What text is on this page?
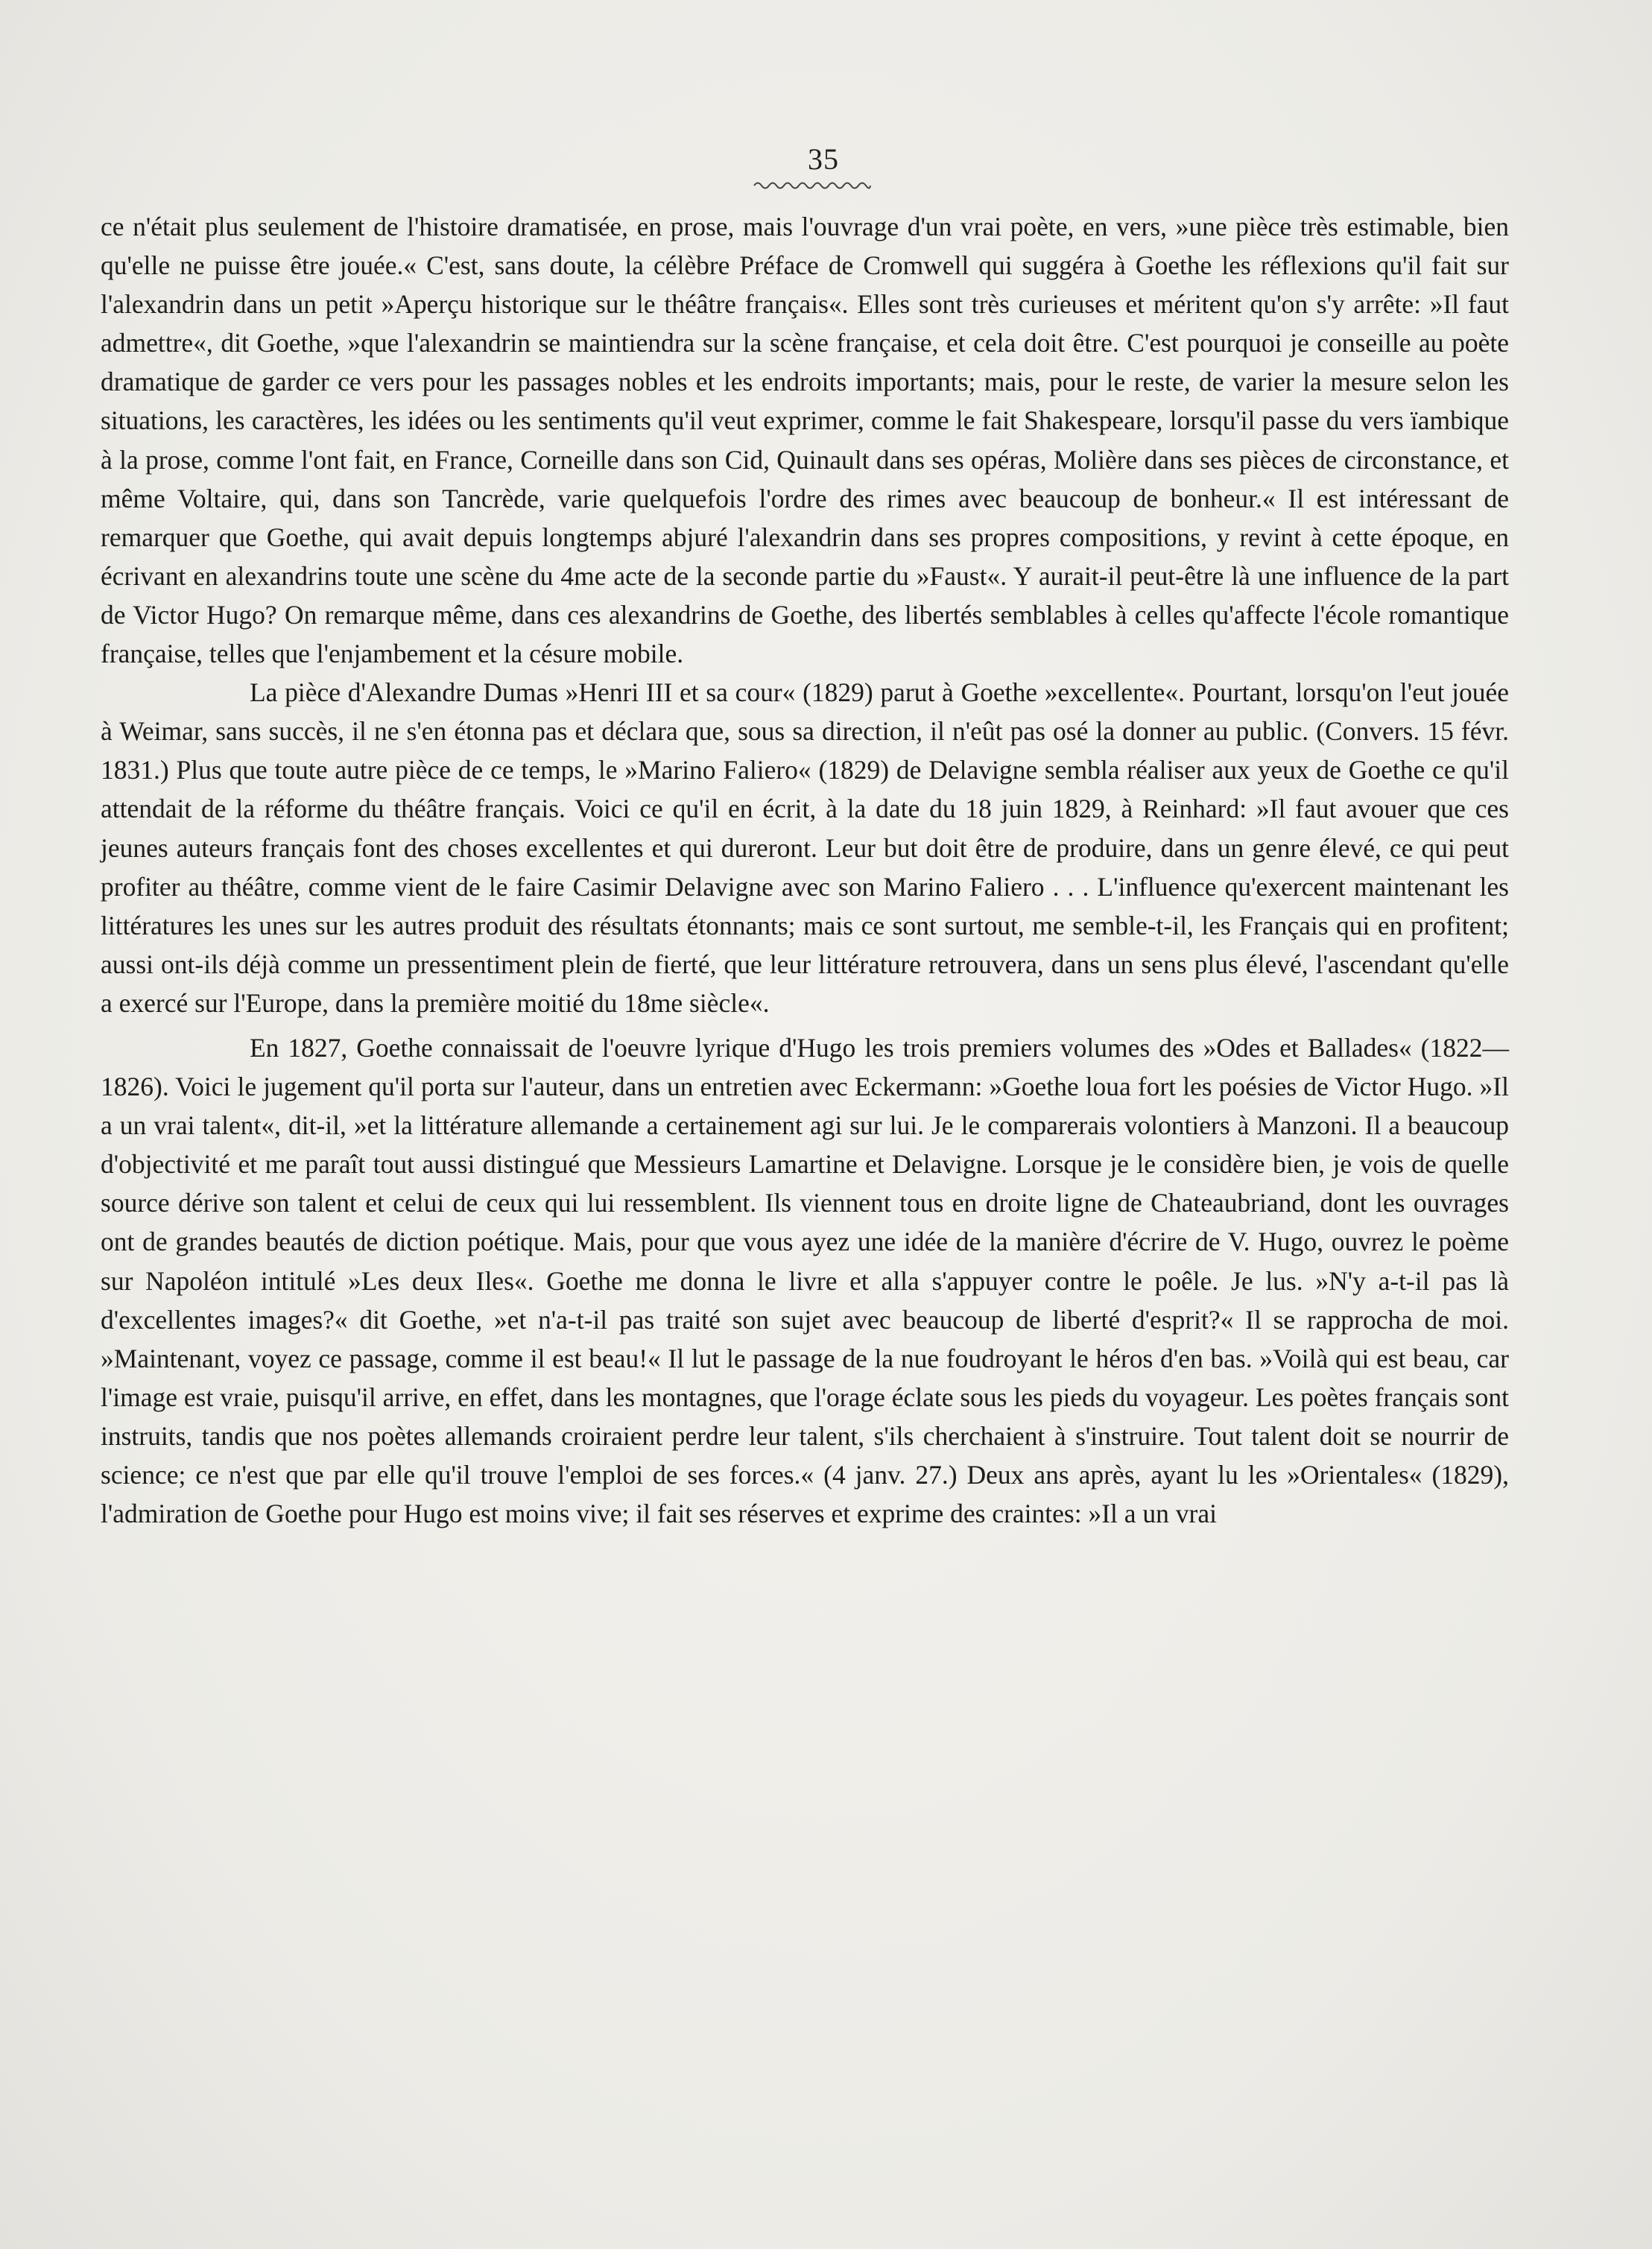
35

ce n'était plus seulement de l'histoire dramatisée, en prose, mais l'ouvrage d'un vrai poète, en vers, »une pièce très estimable, bien qu'elle ne puisse être jouée.« C'est, sans doute, la célèbre Préface de Cromwell qui suggéra à Goethe les réflexions qu'il fait sur l'alexandrin dans un petit »Aperçu historique sur le théâtre français«. Elles sont très curieuses et méritent qu'on s'y arrête: »Il faut admettre«, dit Goethe, »que l'alexandrin se maintiendra sur la scène française, et cela doit être. C'est pourquoi je conseille au poète dramatique de garder ce vers pour les passages nobles et les endroits importants; mais, pour le reste, de varier la mesure selon les situations, les caractères, les idées ou les sentiments qu'il veut exprimer, comme le fait Shakespeare, lorsqu'il passe du vers ïambique à la prose, comme l'ont fait, en France, Corneille dans son Cid, Quinault dans ses opéras, Molière dans ses pièces de circonstance, et même Voltaire, qui, dans son Tancrède, varie quelquefois l'ordre des rimes avec beaucoup de bonheur.« Il est intéressant de remarquer que Goethe, qui avait depuis longtemps abjuré l'alexandrin dans ses propres compositions, y revint à cette époque, en écrivant en alexandrins toute une scène du 4me acte de la seconde partie du »Faust«. Y aurait-il peut-être là une influence de la part de Victor Hugo? On remarque même, dans ces alexandrins de Goethe, des libertés semblables à celles qu'affecte l'école romantique française, telles que l'enjambement et la césure mobile.

La pièce d'Alexandre Dumas »Henri III et sa cour« (1829) parut à Goethe »excellente«. Pourtant, lorsqu'on l'eut jouée à Weimar, sans succès, il ne s'en étonna pas et déclara que, sous sa direction, il n'eût pas osé la donner au public. (Convers. 15 févr. 1831.) Plus que toute autre pièce de ce temps, le »Marino Faliero« (1829) de Delavigne sembla réaliser aux yeux de Goethe ce qu'il attendait de la réforme du théâtre français. Voici ce qu'il en écrit, à la date du 18 juin 1829, à Reinhard: »Il faut avouer que ces jeunes auteurs français font des choses excellentes et qui dureront. Leur but doit être de produire, dans un genre élevé, ce qui peut profiter au théâtre, comme vient de le faire Casimir Delavigne avec son Marino Faliero . . . L'influence qu'exercent maintenant les littératures les unes sur les autres produit des résultats étonnants; mais ce sont surtout, me semble-t-il, les Français qui en profitent; aussi ont-ils déjà comme un pressentiment plein de fierté, que leur littérature retrouvera, dans un sens plus élevé, l'ascendant qu'elle a exercé sur l'Europe, dans la première moitié du 18me siècle«.

En 1827, Goethe connaissait de l'oeuvre lyrique d'Hugo les trois premiers volumes des »Odes et Ballades« (1822—1826). Voici le jugement qu'il porta sur l'auteur, dans un entretien avec Eckermann: »Goethe loua fort les poésies de Victor Hugo. »Il a un vrai talent«, dit-il, »et la littérature allemande a certainement agi sur lui. Je le comparerais volontiers à Manzoni. Il a beaucoup d'objectivité et me paraît tout aussi distingué que Messieurs Lamartine et Delavigne. Lorsque je le considère bien, je vois de quelle source dérive son talent et celui de ceux qui lui ressemblent. Ils viennent tous en droite ligne de Chateaubriand, dont les ouvrages ont de grandes beautés de diction poétique. Mais, pour que vous ayez une idée de la manière d'écrire de V. Hugo, ouvrez le poème sur Napoléon intitulé »Les deux Iles«. Goethe me donna le livre et alla s'appuyer contre le poêle. Je lus. »N'y a-t-il pas là d'excellentes images?« dit Goethe, »et n'a-t-il pas traité son sujet avec beaucoup de liberté d'esprit?« Il se rapprocha de moi. »Maintenant, voyez ce passage, comme il est beau!« Il lut le passage de la nue foudroyant le héros d'en bas. »Voilà qui est beau, car l'image est vraie, puisqu'il arrive, en effet, dans les montagnes, que l'orage éclate sous les pieds du voyageur. Les poètes français sont instruits, tandis que nos poètes allemands croiraient perdre leur talent, s'ils cherchaient à s'instruire. Tout talent doit se nourrir de science; ce n'est que par elle qu'il trouve l'emploi de ses forces.« (4 janv. 27.) Deux ans après, ayant lu les »Orientales« (1829), l'admiration de Goethe pour Hugo est moins vive; il fait ses réserves et exprime des craintes: »Il a un vrai
